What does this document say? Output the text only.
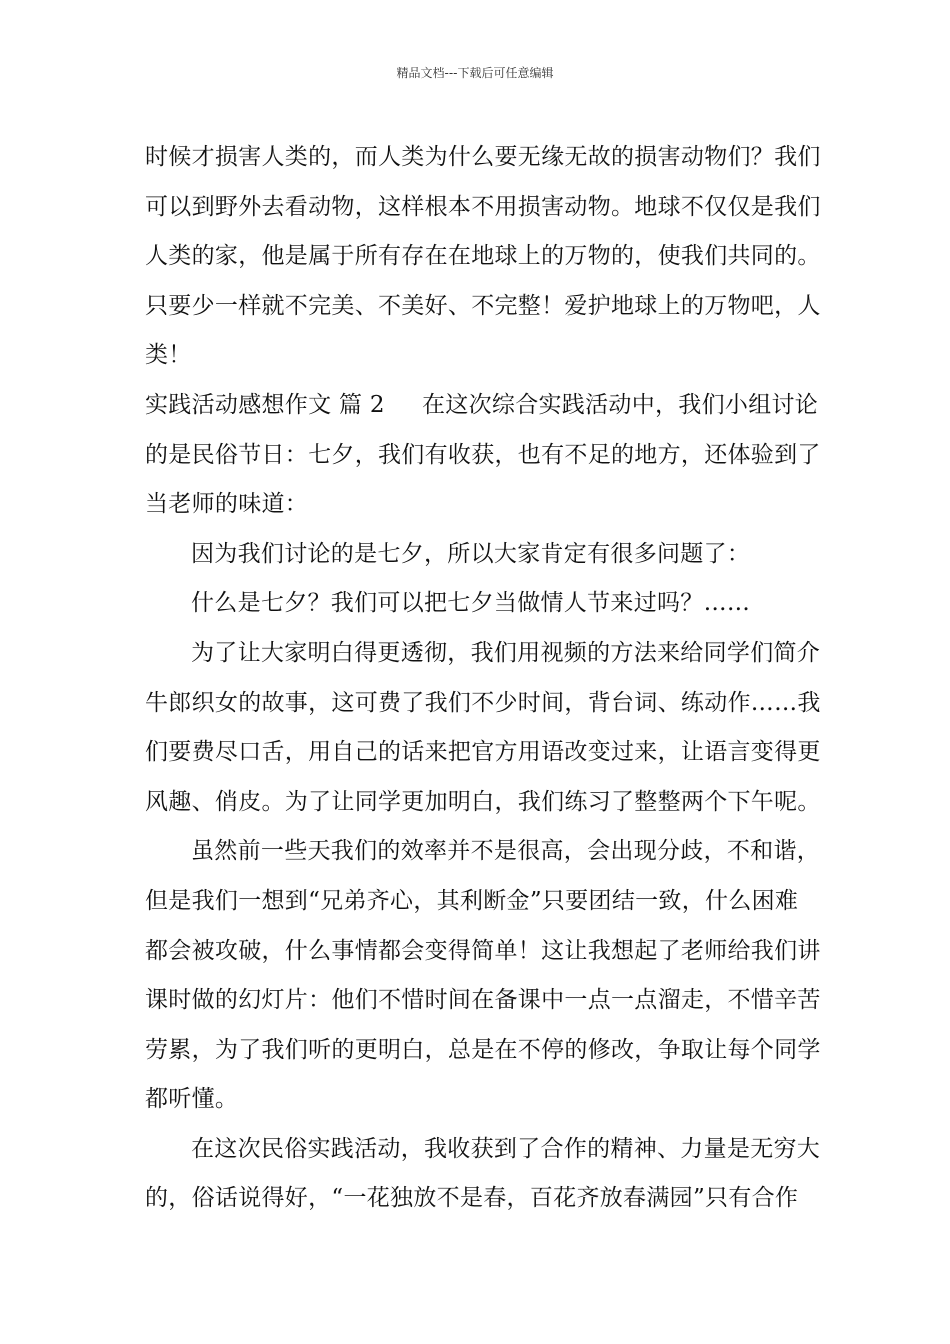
精品文档---下载后可任意编辑
时候才损害人类的，而人类为什么要无缘无故的损害动物们？我们
可以到野外去看动物，这样根本不用损害动物。地球不仅仅是我们
人类的家，他是属于所有存在在地球上的万物的，使我们共同的。
只要少一样就不完美、不美好、不完整！爱护地球上的万物吧，人
类！
实践活动感想作文 篇 2 在这次综合实践活动中，我们小组讨论
的是民俗节日：七夕，我们有收获，也有不足的地方，还体验到了
当老师的味道：
因为我们讨论的是七夕，所以大家肯定有很多问题了：
什么是七夕？我们可以把七夕当做情人节来过吗？……
为了让大家明白得更透彻，我们用视频的方法来给同学们简介
牛郎织女的故事，这可费了我们不少时间，背台词、练动作……我
们要费尽口舌，用自己的话来把官方用语改变过来，让语言变得更
风趣、俏皮。为了让同学更加明白，我们练习了整整两个下午呢。
虽然前一些天我们的效率并不是很高，会出现分歧，不和谐，
但是我们一想到“兄弟齐心，其利断金”只要团结一致，什么困难
都会被攻破，什么事情都会变得简单！这让我想起了老师给我们讲
课时做的幻灯片：他们不惜时间在备课中一点一点溜走，不惜辛苦
劳累，为了我们听的更明白，总是在不停的修改，争取让每个同学
都听懂。
在这次民俗实践活动，我收获到了合作的精神、力量是无穷大
的，俗话说得好，“一花独放不是春，百花齐放春满园”只有合作
